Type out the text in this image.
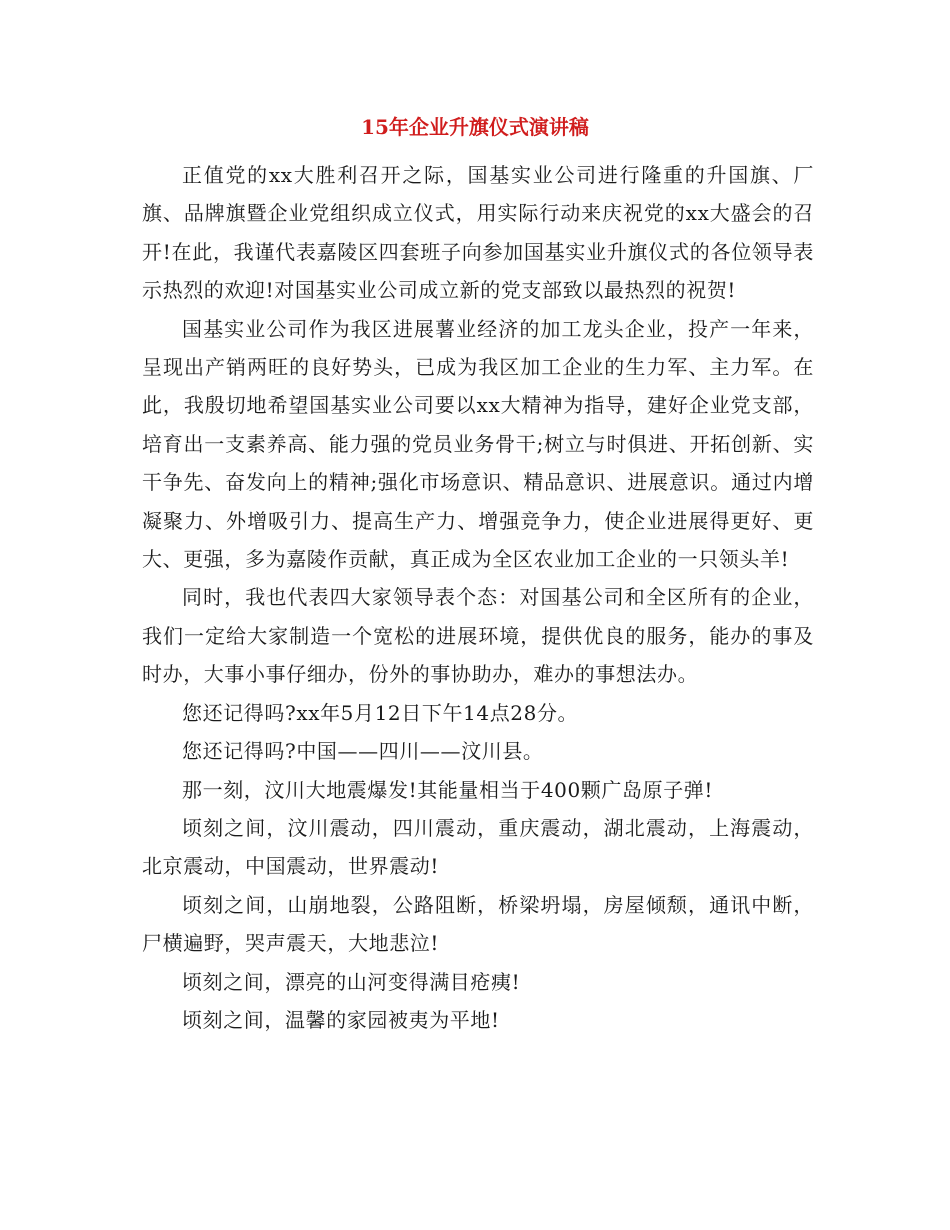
15年企业升旗仪式演讲稿

正值党的xx大胜利召开之际，国基实业公司进行隆重的升国旗、厂旗、品牌旗暨企业党组织成立仪式，用实际行动来庆祝党的xx大盛会的召开!在此，我谨代表嘉陵区四套班子向参加国基实业升旗仪式的各位领导表示热烈的欢迎!对国基实业公司成立新的党支部致以最热烈的祝贺!

国基实业公司作为我区进展薯业经济的加工龙头企业，投产一年来，呈现出产销两旺的良好势头，已成为我区加工企业的生力军、主力军。在此，我殷切地希望国基实业公司要以xx大精神为指导，建好企业党支部，培育出一支素养高、能力强的党员业务骨干;树立与时俱进、开拓创新、实干争先、奋发向上的精神;强化市场意识、精品意识、进展意识。通过内增凝聚力、外增吸引力、提高生产力、增强竞争力，使企业进展得更好、更大、更强，多为嘉陵作贡献，真正成为全区农业加工企业的一只领头羊!

同时，我也代表四大家领导表个态：对国基公司和全区所有的企业，我们一定给大家制造一个宽松的进展环境，提供优良的服务，能办的事及时办，大事小事仔细办，份外的事协助办，难办的事想法办。

您还记得吗?xx年5月12日下午14点28分。

您还记得吗?中国——四川——汶川县。

那一刻，汶川大地震爆发!其能量相当于400颗广岛原子弹!

顷刻之间，汶川震动，四川震动，重庆震动，湖北震动，上海震动，北京震动，中国震动，世界震动!

顷刻之间，山崩地裂，公路阻断，桥梁坍塌，房屋倾颓，通讯中断，尸横遍野，哭声震天，大地悲泣!

顷刻之间，漂亮的山河变得满目疮痍!

顷刻之间，温馨的家园被夷为平地!
